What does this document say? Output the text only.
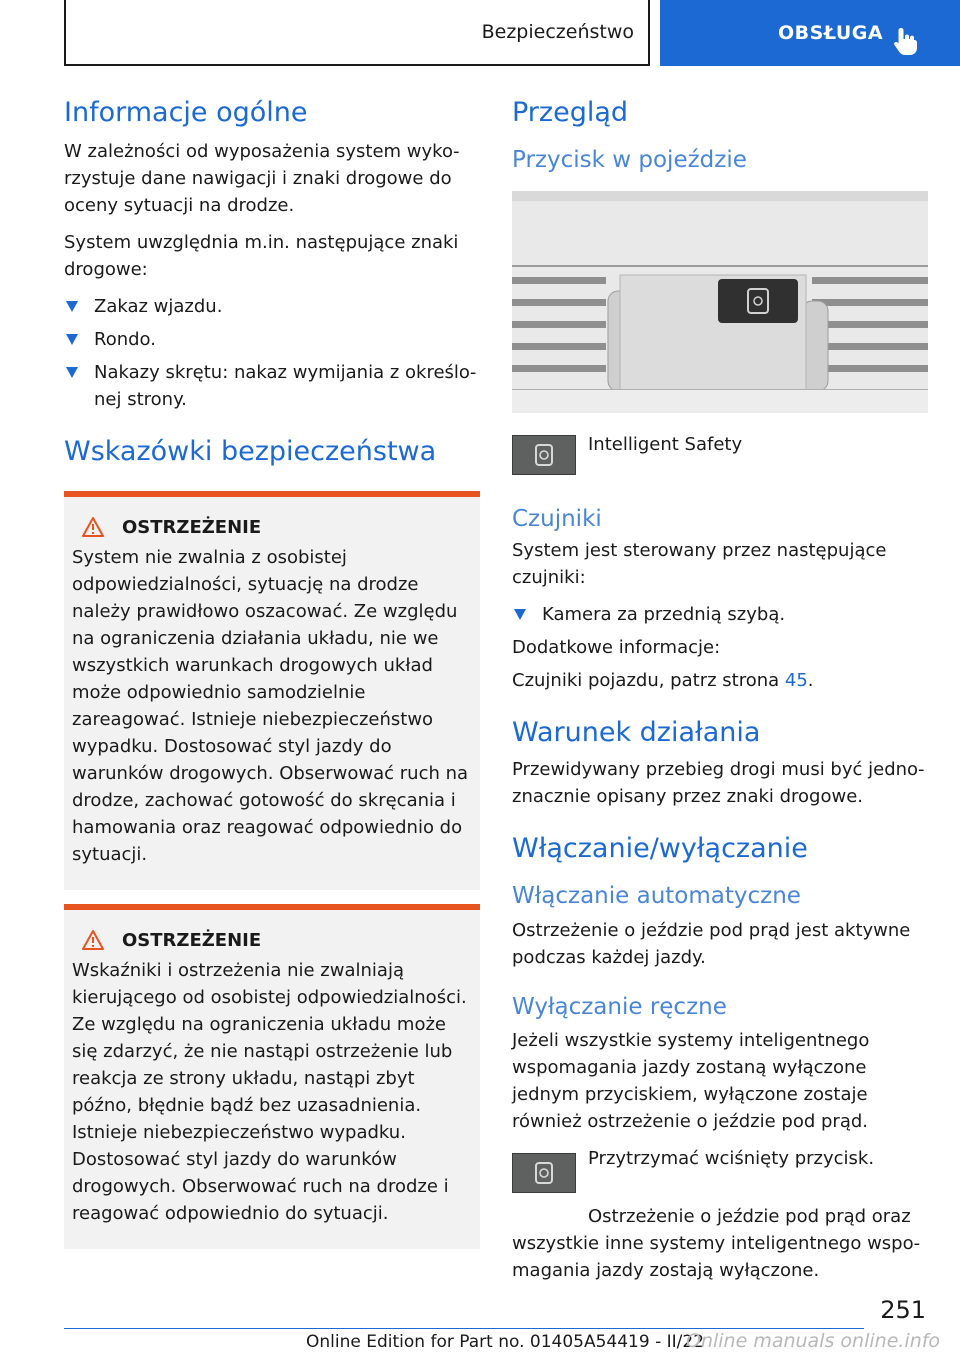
Bezpieczeństwo	OBSŁUGA
Informacje ogólne
W zależności od wyposażenia system wykorzystuje dane nawigacji i znaki drogowe do oceny sytuacji na drodze.
System uwzględnia m.in. następujące znaki drogowe:
Zakaz wjazdu.
Rondo.
Nakazy skrętu: nakaz wymijania z określonej strony.
Wskazówki bezpieczeństwa
OSTRZEŻENIE
System nie zwalnia z osobistej odpowiedzialności, sytuację na drodze należy prawidłowo oszacować. Ze względu na ograniczenia działania układu, nie we wszystkich warunkach drogowych układ może odpowiednio samodzielnie zareagować. Istnieje niebezpieczeństwo wypadku. Dostosować styl jazdy do warunków drogowych. Obserwować ruch na drodze, zachować gotowość do skręcania i hamowania oraz reagować odpowiednio do sytuacji.
OSTRZEŻENIE
Wskaźniki i ostrzeżenia nie zwalniają kierującego od osobistej odpowiedzialności. Ze względu na ograniczenia układu może się zdarzyć, że nie nastąpi ostrzeżenie lub reakcja ze strony układu, nastąpi zbyt późno, błędnie bądź bez uzasadnienia. Istnieje niebezpieczeństwo wypadku. Dostosować styl jazdy do warunków drogowych. Obserwować ruch na drodze i reagować odpowiednio do sytuacji.
Przegląd
Przycisk w pojeździe
Intelligent Safety
Czujniki
System jest sterowany przez następujące czujniki:
Kamera za przednią szybą.
Dodatkowe informacje:
Czujniki pojazdu, patrz strona 45.
Warunek działania
Przewidywany przebieg drogi musi być jednoznacznie opisany przez znaki drogowe.
Włączanie/wyłączanie
Włączanie automatyczne
Ostrzeżenie o jeździe pod prąd jest aktywne podczas każdej jazdy.
Wyłączanie ręczne
Jeżeli wszystkie systemy inteligentnego wspomagania jazdy zostaną wyłączone jednym przyciskiem, wyłączone zostaje również ostrzeżenie o jeździe pod prąd.
Przytrzymać wciśnięty przycisk.
Ostrzeżenie o jeździe pod prąd oraz wszystkie inne systemy inteligentnego wspomagania jazdy zostają wyłączone.
251
Online Edition for Part no. 01405A54419 - II/22
Online manuals online.info
